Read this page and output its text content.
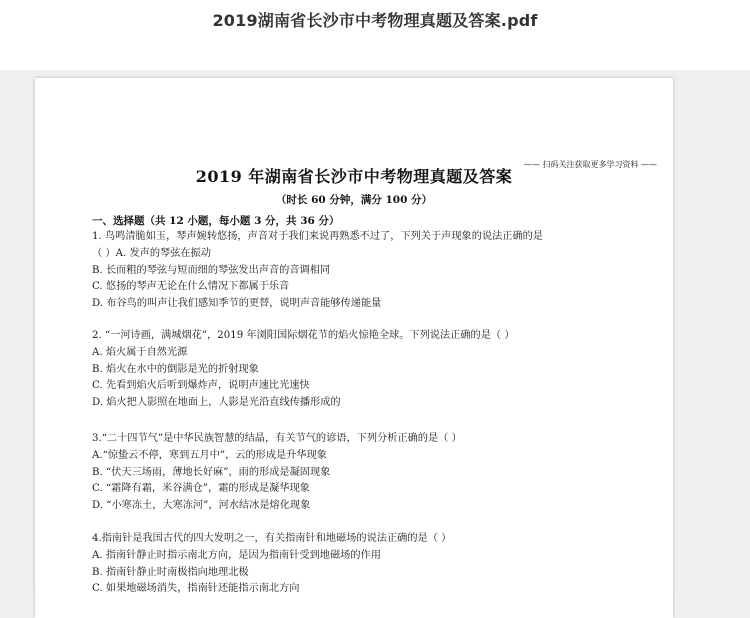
2019湖南省长沙市中考物理真题及答案.pdf
—— 扫码关注获取更多学习资料 ——
2019 年湖南省长沙市中考物理真题及答案
（时长 60 分钟，满分 100 分）
一、选择题（共 12 小题，每小题 3 分，共 36 分）
1. 鸟鸣清脆如玉，琴声婉转悠扬，声音对于我们来说再熟悉不过了，下列关于声现象的说法正确的是
（ ）A. 发声的琴弦在振动
B. 长而粗的琴弦与短而细的琴弦发出声音的音调相同
C. 悠扬的琴声无论在什么情况下都属于乐音
D. 布谷鸟的叫声让我们感知季节的更替，说明声音能够传递能量
2. “一河诗画，满城烟花”，2019 年浏阳国际烟花节的焰火惊艳全球。下列说法正确的是（ ）
A. 焰火属于自然光源
B. 焰火在水中的倒影是光的折射现象
C. 先看到焰火后听到爆炸声，说明声速比光速快
D. 焰火把人影照在地面上，人影是光沿直线传播形成的
3.“二十四节气”是中华民族智慧的结晶，有关节气的谚语，下列分析正确的是（ ）
A.“惊蛰云不停，寒到五月中”，云的形成是升华现象
B. “伏天三场雨，薄地长好麻”，雨的形成是凝固现象
C. “霜降有霜，米谷满仓”，霜的形成是凝华现象
D. “小寒冻土，大寒冻河”，河水结冰是熔化现象
4.指南针是我国古代的四大发明之一，有关指南针和地磁场的说法正确的是（ ）
A. 指南针静止时指示南北方向，是因为指南针受到地磁场的作用
B. 指南针静止时南极指向地理北极
C. 如果地磁场消失，指南针还能指示南北方向
